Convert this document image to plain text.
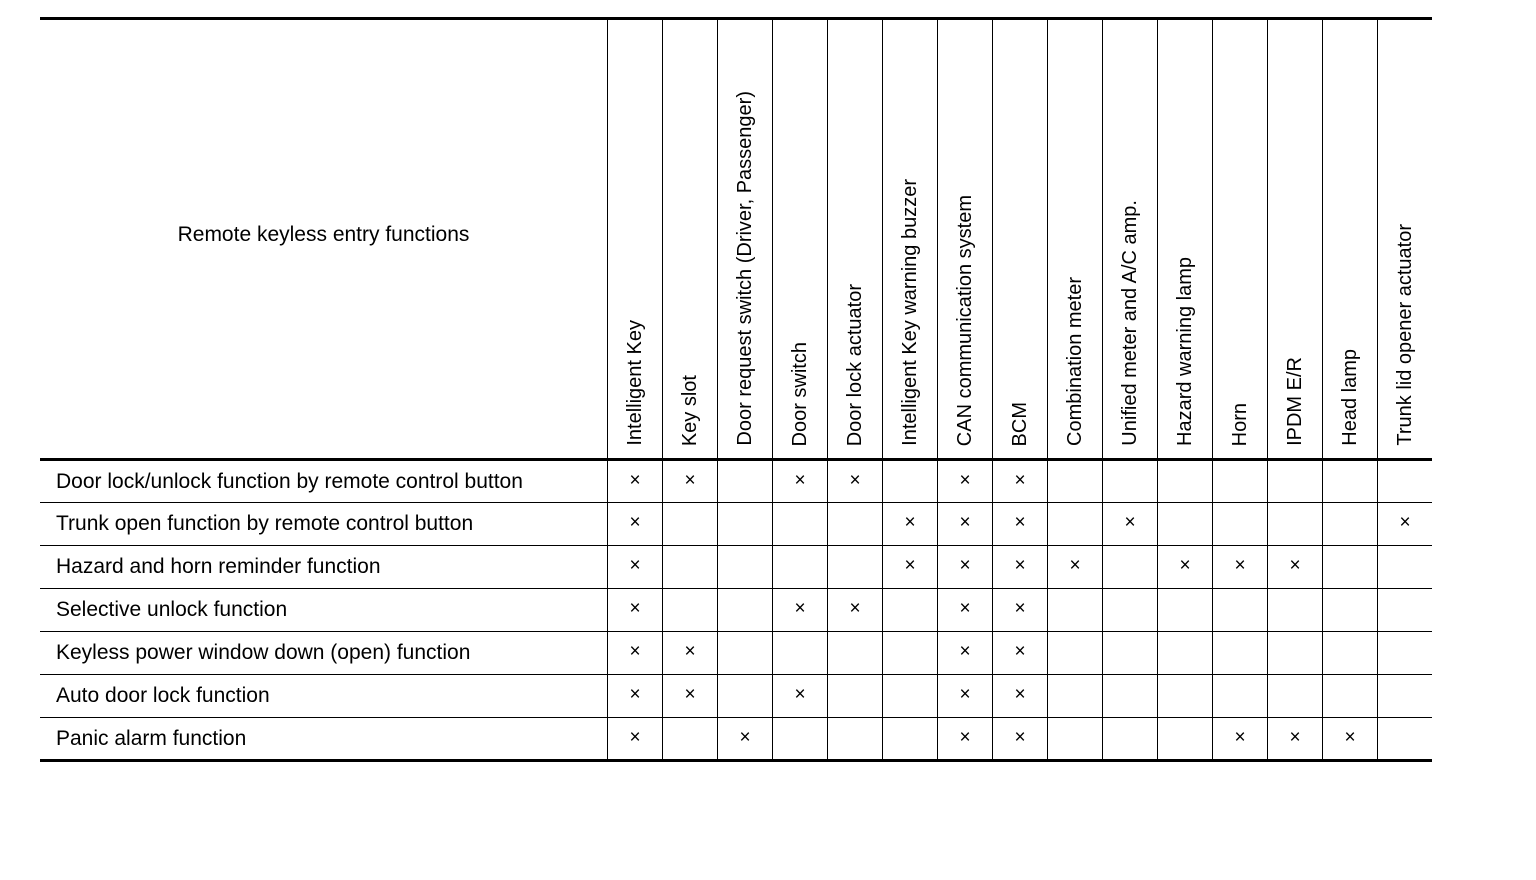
Remote keyless entry functions	Intelligent Key	Key slot	Door request switch (Driver, Passenger)	Door switch	Door lock actuator	Intelligent Key warning buzzer	CAN communication system	BCM	Combination meter	Unified meter and A/C amp.	Hazard warning lamp	Horn	IPDM E/R	Head lamp	Trunk lid opener actuator

Door lock/unlock function by remote control button	×	×		×	×		×	×							
Trunk open function by remote control button	×					×	×	×		×					×
Hazard and horn reminder function	×					×	×	×	×		×	×	×		
Selective unlock function	×			×	×		×	×							
Keyless power window down (open) function	×	×					×	×							
Auto door lock function	×	×		×			×	×							
Panic alarm function	×		×				×	×				×	×	×	
